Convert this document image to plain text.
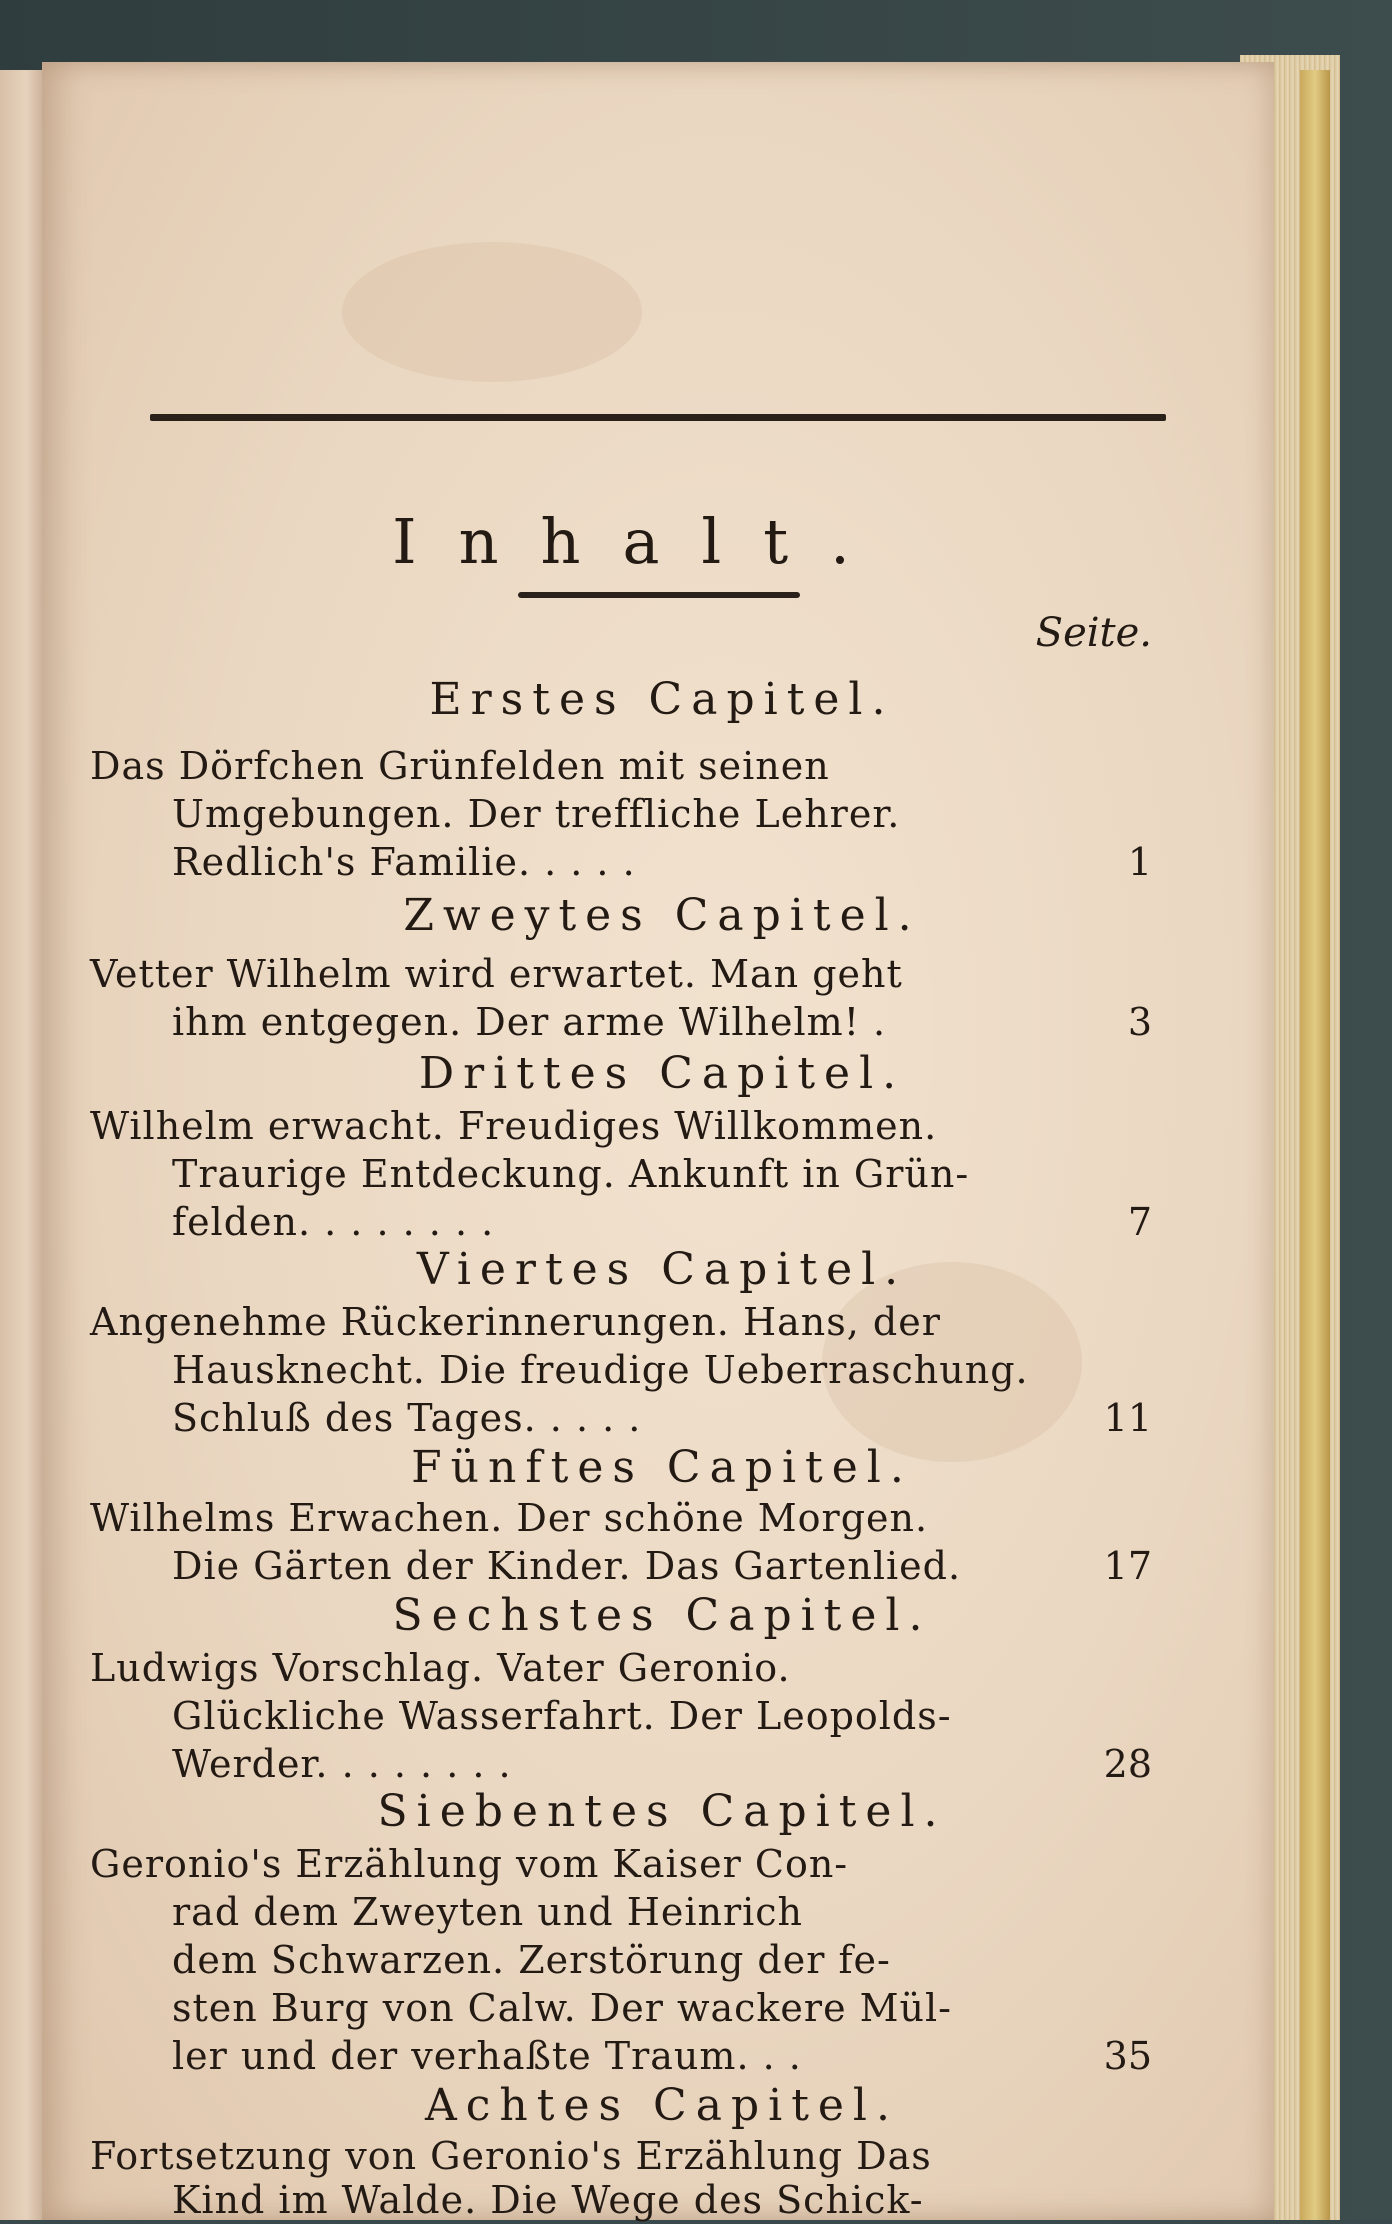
Inhalt.
Seite.
Erstes Capitel.
Das Dörfchen Grünfelden mit seinen
Umgebungen. Der treffliche Lehrer.
Redlich's Familie. . . . .	1
Zweytes Capitel.
Vetter Wilhelm wird erwartet. Man geht
ihm entgegen. Der arme Wilhelm! .	3
Drittes Capitel.
Wilhelm erwacht. Freudiges Willkommen.
Traurige Entdeckung. Ankunft in Grün-
felden. . . . . . . .	7
Viertes Capitel.
Angenehme Rückerinnerungen. Hans, der
Hausknecht. Die freudige Ueberraschung.
Schluß des Tages. . . . .	11
Fünftes Capitel.
Wilhelms Erwachen. Der schöne Morgen.
Die Gärten der Kinder. Das Gartenlied.	17
Sechstes Capitel.
Ludwigs Vorschlag. Vater Geronio.
Glückliche Wasserfahrt. Der Leopolds-
Werder. . . . . . . .	28
Siebentes Capitel.
Geronio's Erzählung vom Kaiser Con-
rad dem Zweyten und Heinrich
dem Schwarzen. Zerstörung der fe-
sten Burg von Calw. Der wackere Mül-
ler und der verhaßte Traum. . .	35
Achtes Capitel.
Fortsetzung von Geronio's Erzählung Das
Kind im Walde. Die Wege des Schick-
